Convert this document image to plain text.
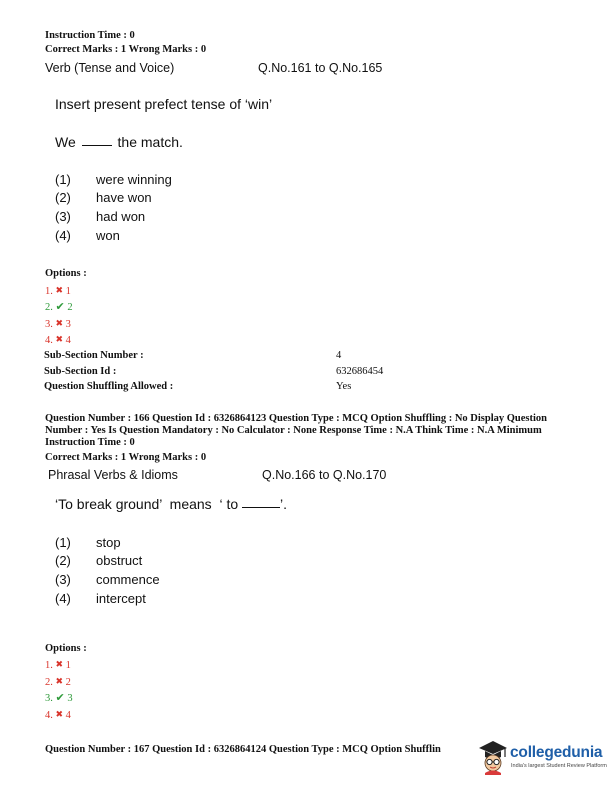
Instruction Time : 0
Correct Marks : 1 Wrong Marks : 0
Verb (Tense and Voice)	Q.No.161 to Q.No.165
Insert present prefect tense of ‘win’
We	the match.
(1) were winning
(2) have won
(3) had won
(4) won
Options :
1. ✖ 1
2. ✔ 2
3. ✖ 3
4. ✖ 4
Sub-Section Number :	4
Sub-Section Id :	632686454
Question Shuffling Allowed :	Yes
Question Number : 166 Question Id : 6326864123 Question Type : MCQ Option Shuffling : No Display Question
Number : Yes Is Question Mandatory : No Calculator : None Response Time : N.A Think Time : N.A Minimum
Instruction Time : 0
Correct Marks : 1 Wrong Marks : 0
Phrasal Verbs & Idioms	Q.No.166 to Q.No.170
‘To break ground’  means  ‘ to	’.
(1) stop
(2) obstruct
(3) commence
(4) intercept
Options :
1. ✖ 1
2. ✖ 2
3. ✔ 3
4. ✖ 4
Question Number : 167 Question Id : 6326864124 Question Type : MCQ Option Shufflin	collegedunia
India's largest Student Review Platform
